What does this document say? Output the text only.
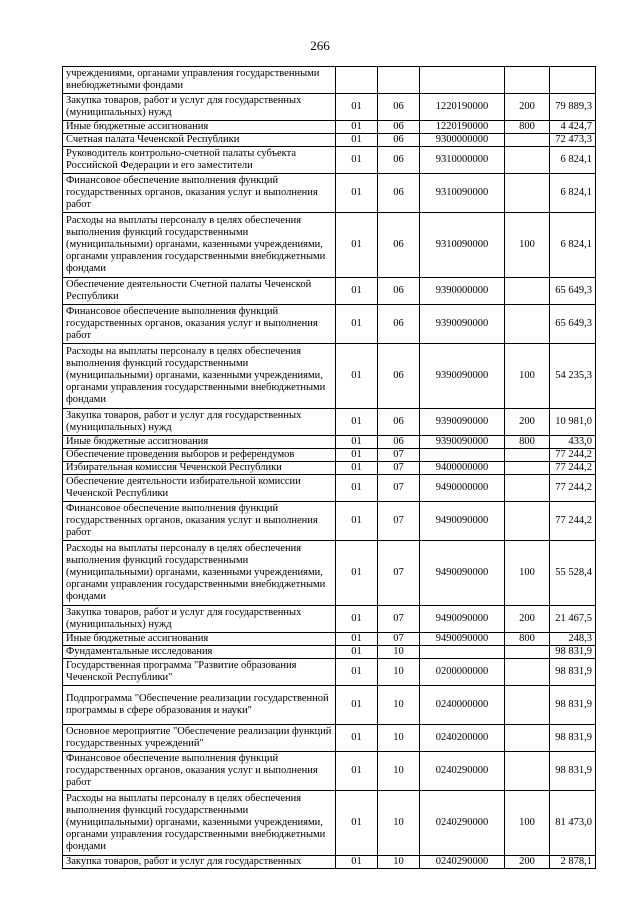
266
учреждениями, органами управления государственными внебюджетными фондами					
Закупка товаров, работ и услуг для государственных (муниципальных) нужд	01	06	1220190000	200	79 889,3
Иные бюджетные ассигнования	01	06	1220190000	800	4 424,7
Счетная палата Чеченской Республики	01	06	9300000000		72 473,3
Руководитель контрольно-счетной палаты субъекта Российской Федерации и его заместители	01	06	9310000000		6 824,1
Финансовое обеспечение выполнения функций государственных органов, оказания услуг и выполнения работ	01	06	9310090000		6 824,1
Расходы на выплаты персоналу в целях обеспечения выполнения функций государственными (муниципальными) органами, казенными учреждениями, органами управления государственными внебюджетными фондами	01	06	9310090000	100	6 824,1
Обеспечение деятельности Счетной палаты Чеченской Республики	01	06	9390000000		65 649,3
Финансовое обеспечение выполнения функций государственных органов, оказания услуг и выполнения работ	01	06	9390090000		65 649,3
Расходы на выплаты персоналу в целях обеспечения выполнения функций государственными (муниципальными) органами, казенными учреждениями, органами управления государственными внебюджетными фондами	01	06	9390090000	100	54 235,3
Закупка товаров, работ и услуг для государственных (муниципальных) нужд	01	06	9390090000	200	10 981,0
Иные бюджетные ассигнования	01	06	9390090000	800	433,0
Обеспечение проведения выборов и референдумов	01	07			77 244,2
Избирательная комиссия Чеченской Республики	01	07	9400000000		77 244,2
Обеспечение деятельности избирательной комиссии Чеченской Республики	01	07	9490000000		77 244,2
Финансовое обеспечение выполнения функций государственных органов, оказания услуг и выполнения работ	01	07	9490090000		77 244,2
Расходы на выплаты персоналу в целях обеспечения выполнения функций государственными (муниципальными) органами, казенными учреждениями, органами управления государственными внебюджетными фондами	01	07	9490090000	100	55 528,4
Закупка товаров, работ и услуг для государственных (муниципальных) нужд	01	07	9490090000	200	21 467,5
Иные бюджетные ассигнования	01	07	9490090000	800	248,3
Фундаментальные исследования	01	10			98 831,9
Государственная программа "Развитие образования Чеченской Республики"	01	10	0200000000		98 831,9
Подпрограмма "Обеспечение реализации государственной программы в сфере образования и науки"	01	10	0240000000		98 831,9
Основное мероприятие "Обеспечение реализации функций государственных учреждений"	01	10	0240200000		98 831,9
Финансовое обеспечение выполнения функций государственных органов, оказания услуг и выполнения работ	01	10	0240290000		98 831,9
Расходы на выплаты персоналу в целях обеспечения выполнения функций государственными (муниципальными) органами, казенными учреждениями, органами управления государственными внебюджетными фондами	01	10	0240290000	100	81 473,0
Закупка товаров, работ и услуг для государственных	01	10	0240290000	200	2 878,1
